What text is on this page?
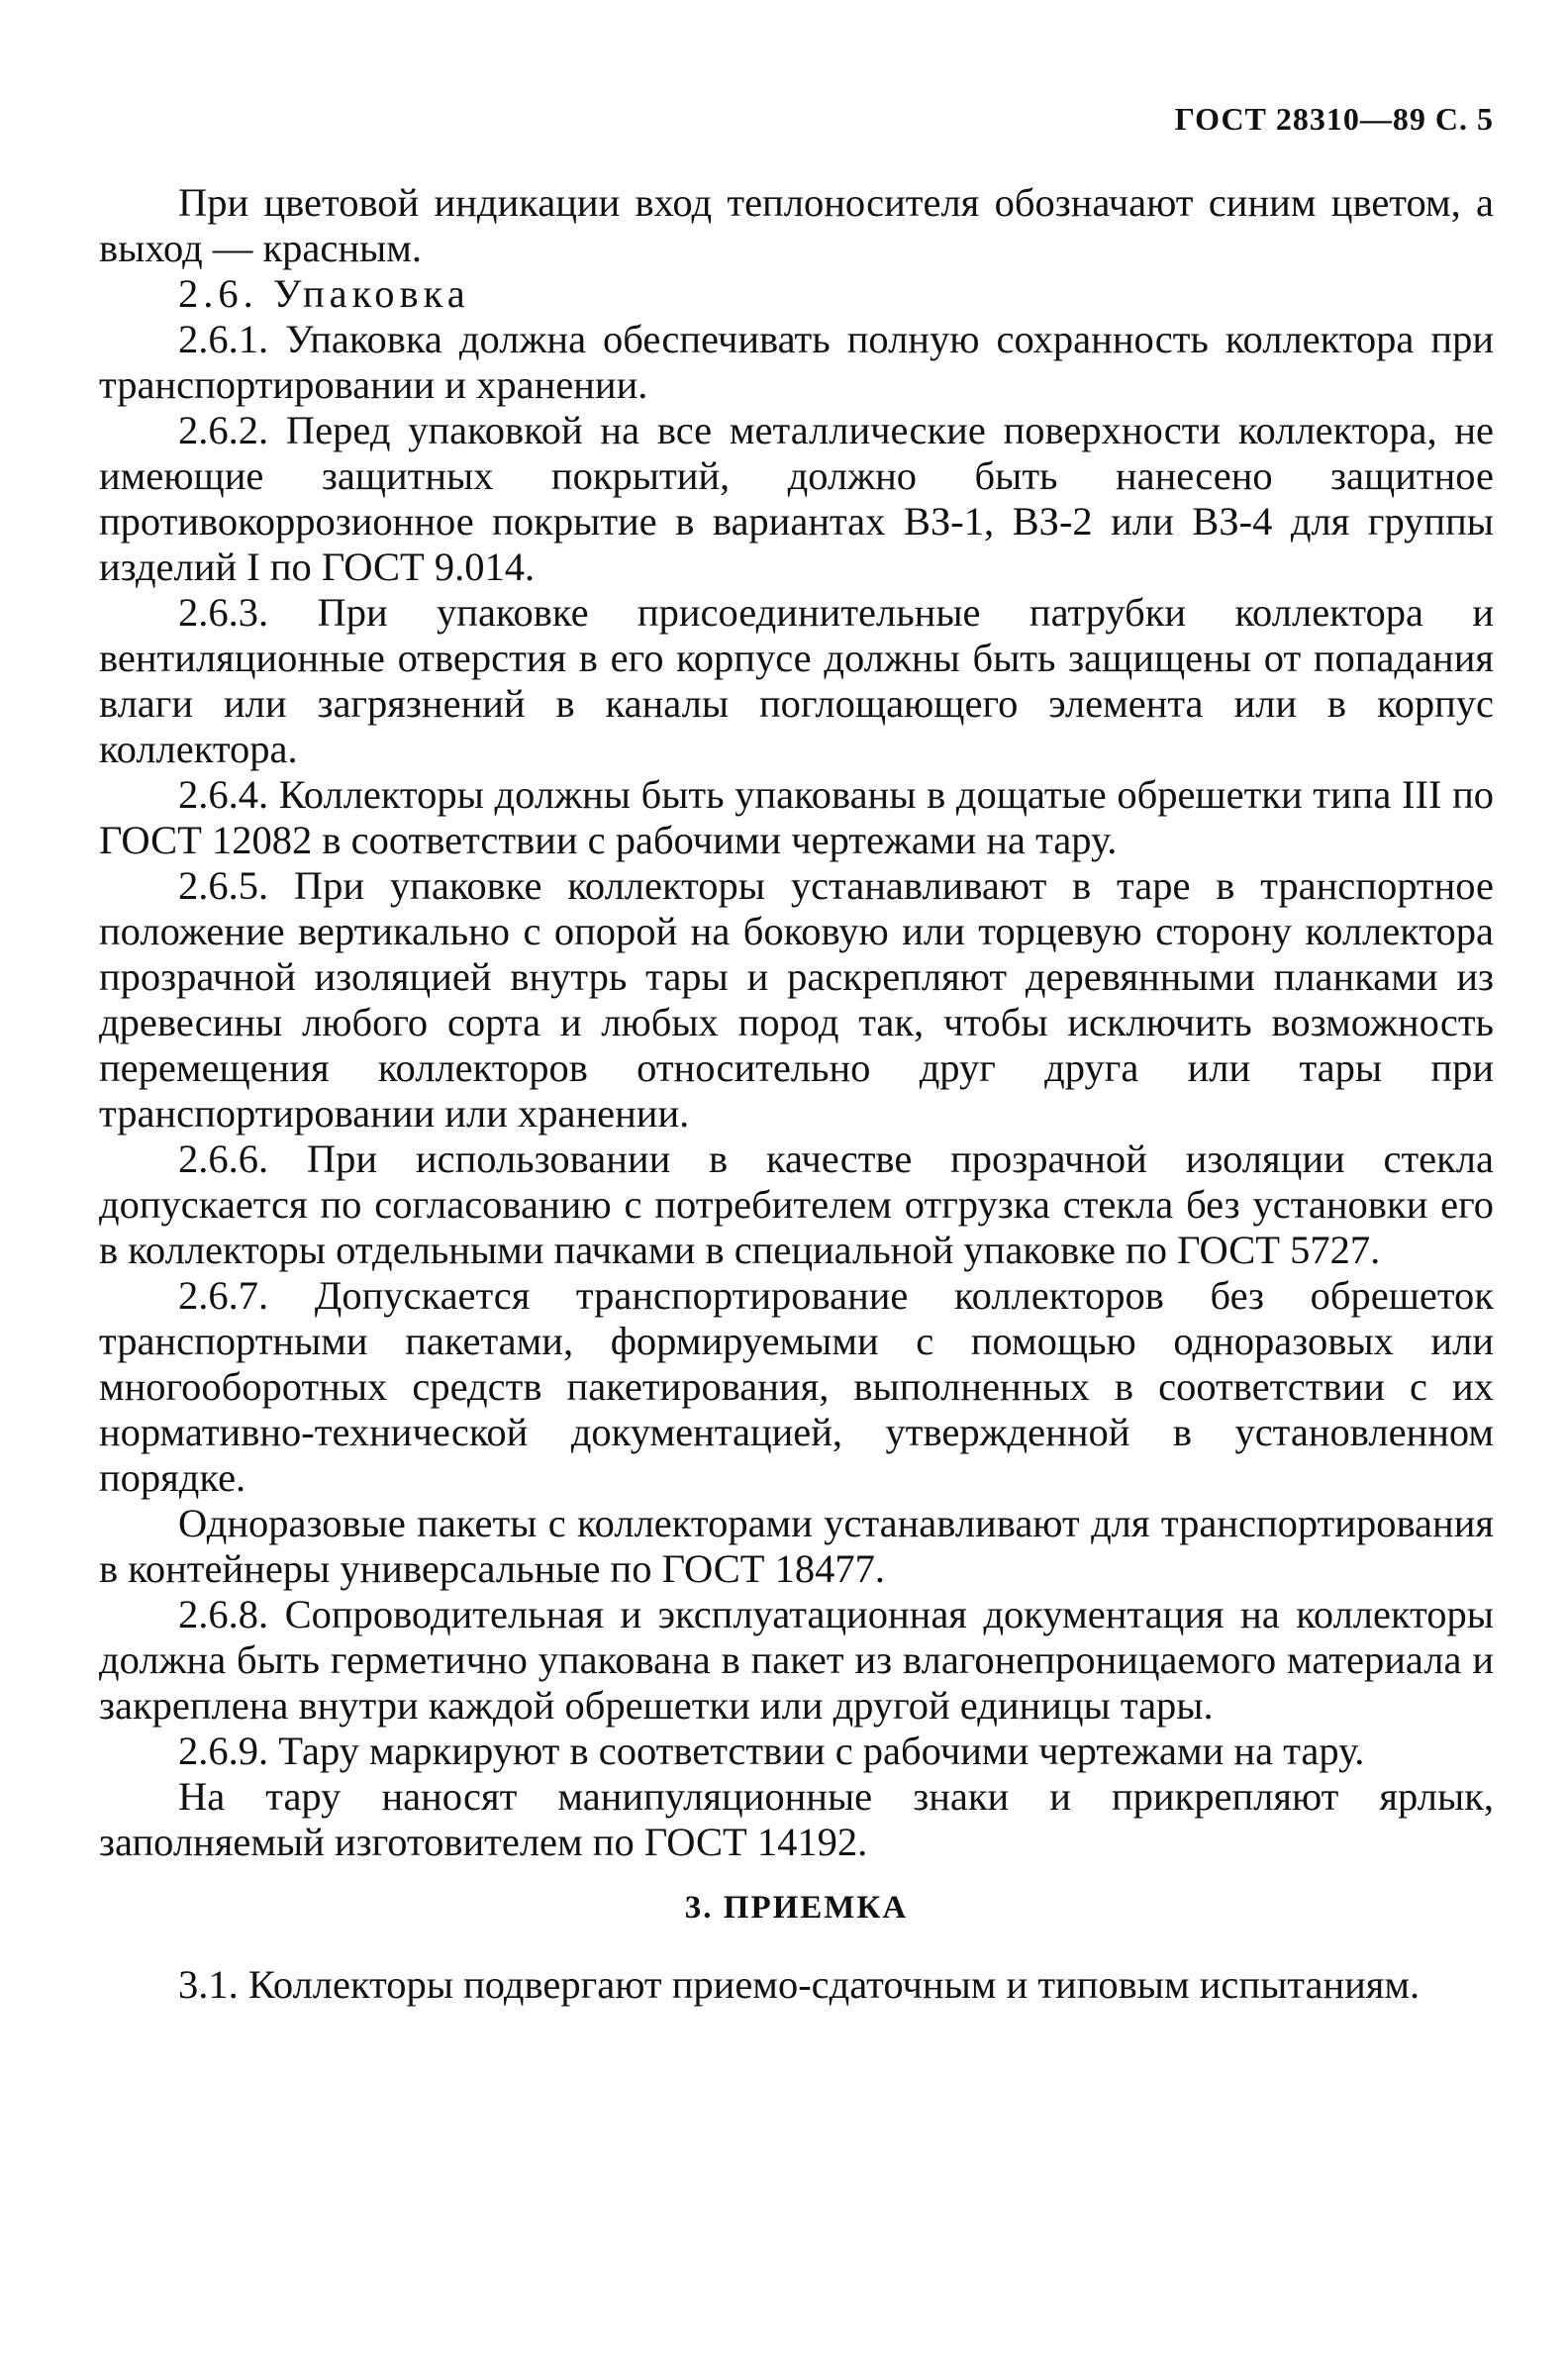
ГОСТ 28310—89 С. 5

При цветовой индикации вход теплоносителя обозначают синим цветом, а выход — красным.

2.6. Упаковка

2.6.1. Упаковка должна обеспечивать полную сохранность коллектора при транспортировании и хранении.

2.6.2. Перед упаковкой на все металлические поверхности коллектора, не имеющие защитных покрытий, должно быть нанесено защитное противокоррозионное покрытие в вариантах ВЗ-1, ВЗ-2 или ВЗ-4 для группы изделий I по ГОСТ 9.014.

2.6.3. При упаковке присоединительные патрубки коллектора и вентиляционные отверстия в его корпусе должны быть защищены от попадания влаги или загрязнений в каналы поглощающего элемента или в корпус коллектора.

2.6.4. Коллекторы должны быть упакованы в дощатые обрешетки типа III по ГОСТ 12082 в соответствии с рабочими чертежами на тару.

2.6.5. При упаковке коллекторы устанавливают в таре в транспортное положение вертикально с опорой на боковую или торцевую сторону коллектора прозрачной изоляцией внутрь тары и раскрепляют деревянными планками из древесины любого сорта и любых пород так, чтобы исключить возможность перемещения коллекторов относительно друг друга или тары при транспортировании или хранении.

2.6.6. При использовании в качестве прозрачной изоляции стекла допускается по согласованию с потребителем отгрузка стекла без установки его в коллекторы отдельными пачками в специальной упаковке по ГОСТ 5727.

2.6.7. Допускается транспортирование коллекторов без обрешеток транспортными пакетами, формируемыми с помощью одноразовых или многооборотных средств пакетирования, выполненных в соответствии с их нормативно-технической документацией, утвержденной в установленном порядке.

Одноразовые пакеты с коллекторами устанавливают для транспортирования в контейнеры универсальные по ГОСТ 18477.

2.6.8. Сопроводительная и эксплуатационная документация на коллекторы должна быть герметично упакована в пакет из влагонепроницаемого материала и закреплена внутри каждой обрешетки или другой единицы тары.

2.6.9. Тару маркируют в соответствии с рабочими чертежами на тару.

На тару наносят манипуляционные знаки и прикрепляют ярлык, заполняемый изготовителем по ГОСТ 14192.

3. ПРИЕМКА

3.1. Коллекторы подвергают приемо-сдаточным и типовым испытаниям.
